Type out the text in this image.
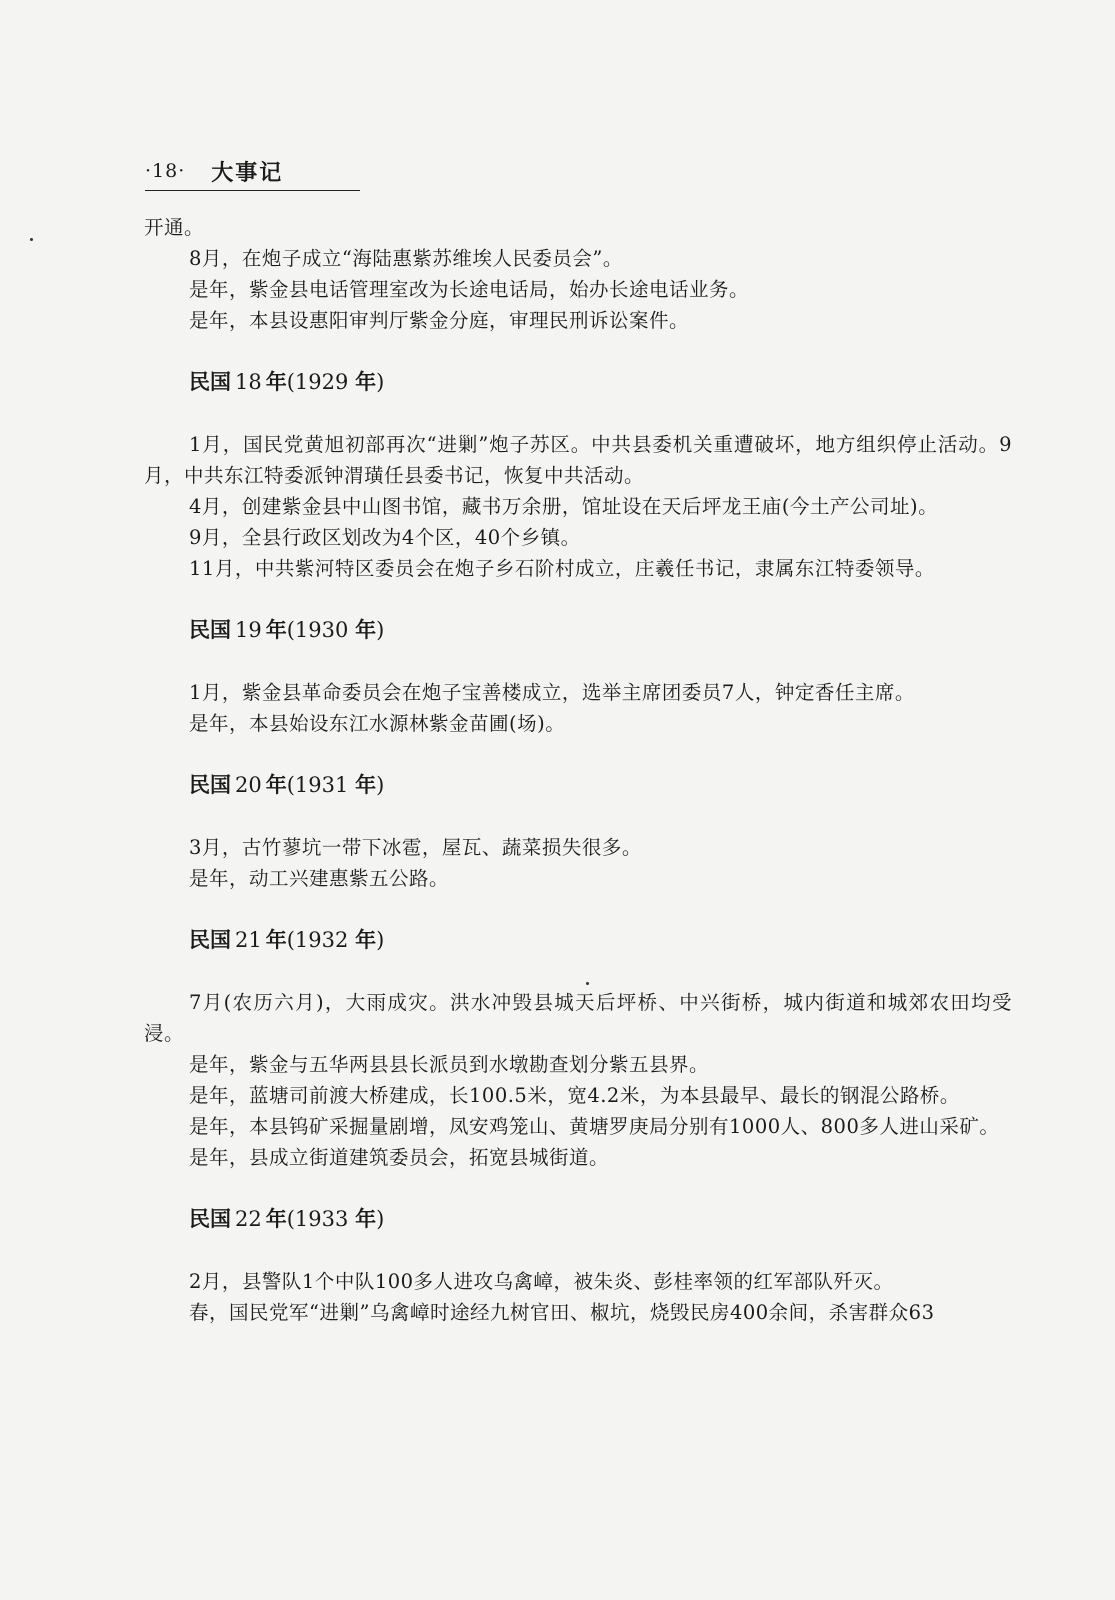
·18· 大事记

开通。

8月，在炮子成立“海陆惠紫苏维埃人民委员会”。

是年，紫金县电话管理室改为长途电话局，始办长途电话业务。

是年，本县设惠阳审判厅紫金分庭，审理民刑诉讼案件。

民国 18 年(1929 年)

1月，国民党黄旭初部再次“进剿”炮子苏区。中共县委机关重遭破坏，地方组织停止活动。9月，中共东江特委派钟渭璜任县委书记，恢复中共活动。

4月，创建紫金县中山图书馆，藏书万余册，馆址设在天后坪龙王庙(今土产公司址)。

9月，全县行政区划改为4个区，40个乡镇。

11月，中共紫河特区委员会在炮子乡石阶村成立，庄羲任书记，隶属东江特委领导。

民国 19 年(1930 年)

1月，紫金县革命委员会在炮子宝善楼成立，选举主席团委员7人，钟定香任主席。

是年，本县始设东江水源林紫金苗圃(场)。

民国 20 年(1931 年)

3月，古竹蓼坑一带下冰雹，屋瓦、蔬菜损失很多。

是年，动工兴建惠紫五公路。

民国 21 年(1932 年)

7月(农历六月)，大雨成灾。洪水冲毁县城天后坪桥、中兴街桥，城内街道和城郊农田均受浸。

是年，紫金与五华两县县长派员到水墩勘查划分紫五县界。

是年，蓝塘司前渡大桥建成，长100.5米，宽4.2米，为本县最早、最长的钢混公路桥。

是年，本县钨矿采掘量剧增，凤安鸡笼山、黄塘罗庚局分别有1000人、800多人进山采矿。

是年，县成立街道建筑委员会，拓宽县城街道。

民国 22 年(1933 年)

2月，县警队1个中队100多人进攻乌禽嶂，被朱炎、彭桂率领的红军部队歼灭。

春，国民党军“进剿”乌禽嶂时途经九树官田、椒坑，烧毁民房400余间，杀害群众63
